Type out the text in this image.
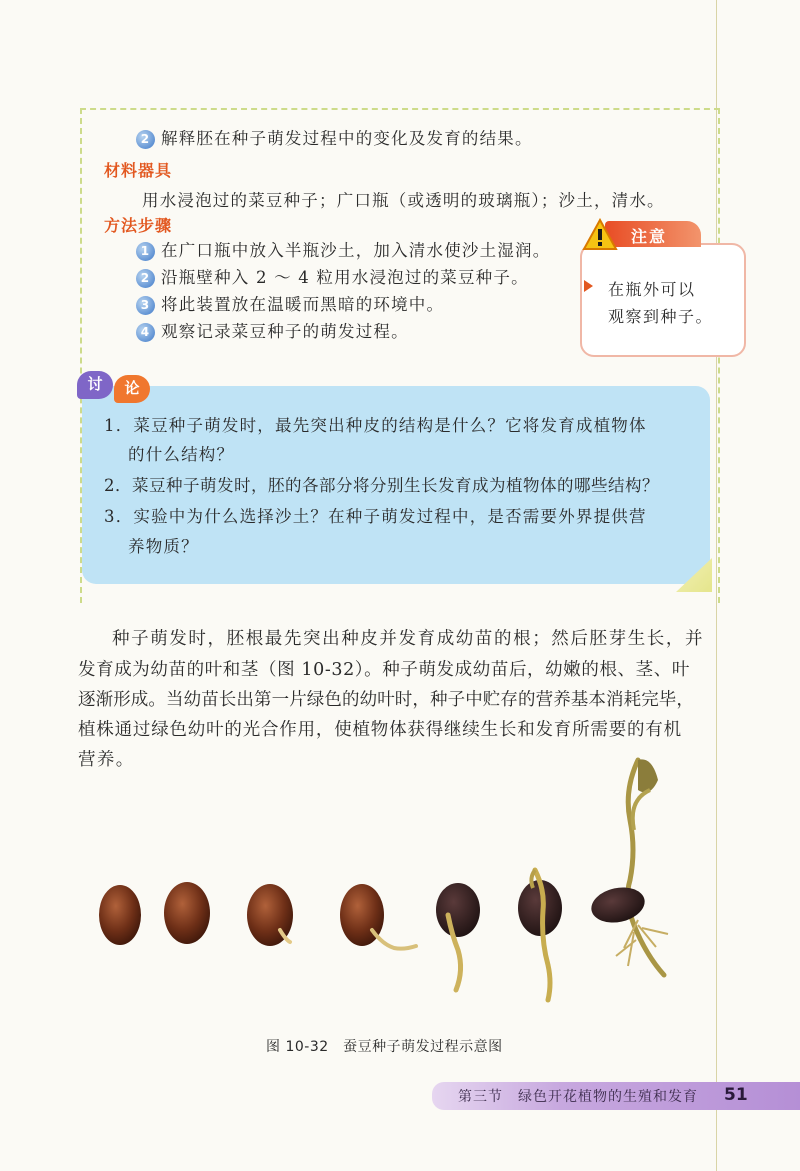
2 解释胚在种子萌发过程中的变化及发育的结果。
材料器具
用水浸泡过的菜豆种子；广口瓶（或透明的玻璃瓶）；沙土，清水。
方法步骤
1 在广口瓶中放入半瓶沙土，加入清水使沙土湿润。
2 沿瓶壁种入 2 ～ 4 粒用水浸泡过的菜豆种子。
3 将此装置放在温暖而黑暗的环境中。
4 观察记录菜豆种子的萌发过程。
注意
在瓶外可以
观察到种子。
讨	论
1．菜豆种子萌发时，最先突出种皮的结构是什么？它将发育成植物体
的什么结构？
2．菜豆种子萌发时，胚的各部分将分别生长发育成为植物体的哪些结构？
3．实验中为什么选择沙土？在种子萌发过程中，是否需要外界提供营
养物质？
种子萌发时，胚根最先突出种皮并发育成幼苗的根；然后胚芽生长，并
发育成为幼苗的叶和茎（图 10-32）。种子萌发成幼苗后，幼嫩的根、茎、叶
逐渐形成。当幼苗长出第一片绿色的幼叶时，种子中贮存的营养基本消耗完毕，
植株通过绿色幼叶的光合作用，使植物体获得继续生长和发育所需要的有机
营养。
图 10-32　蚕豆种子萌发过程示意图
第三节　绿色开花植物的生殖和发育 51
